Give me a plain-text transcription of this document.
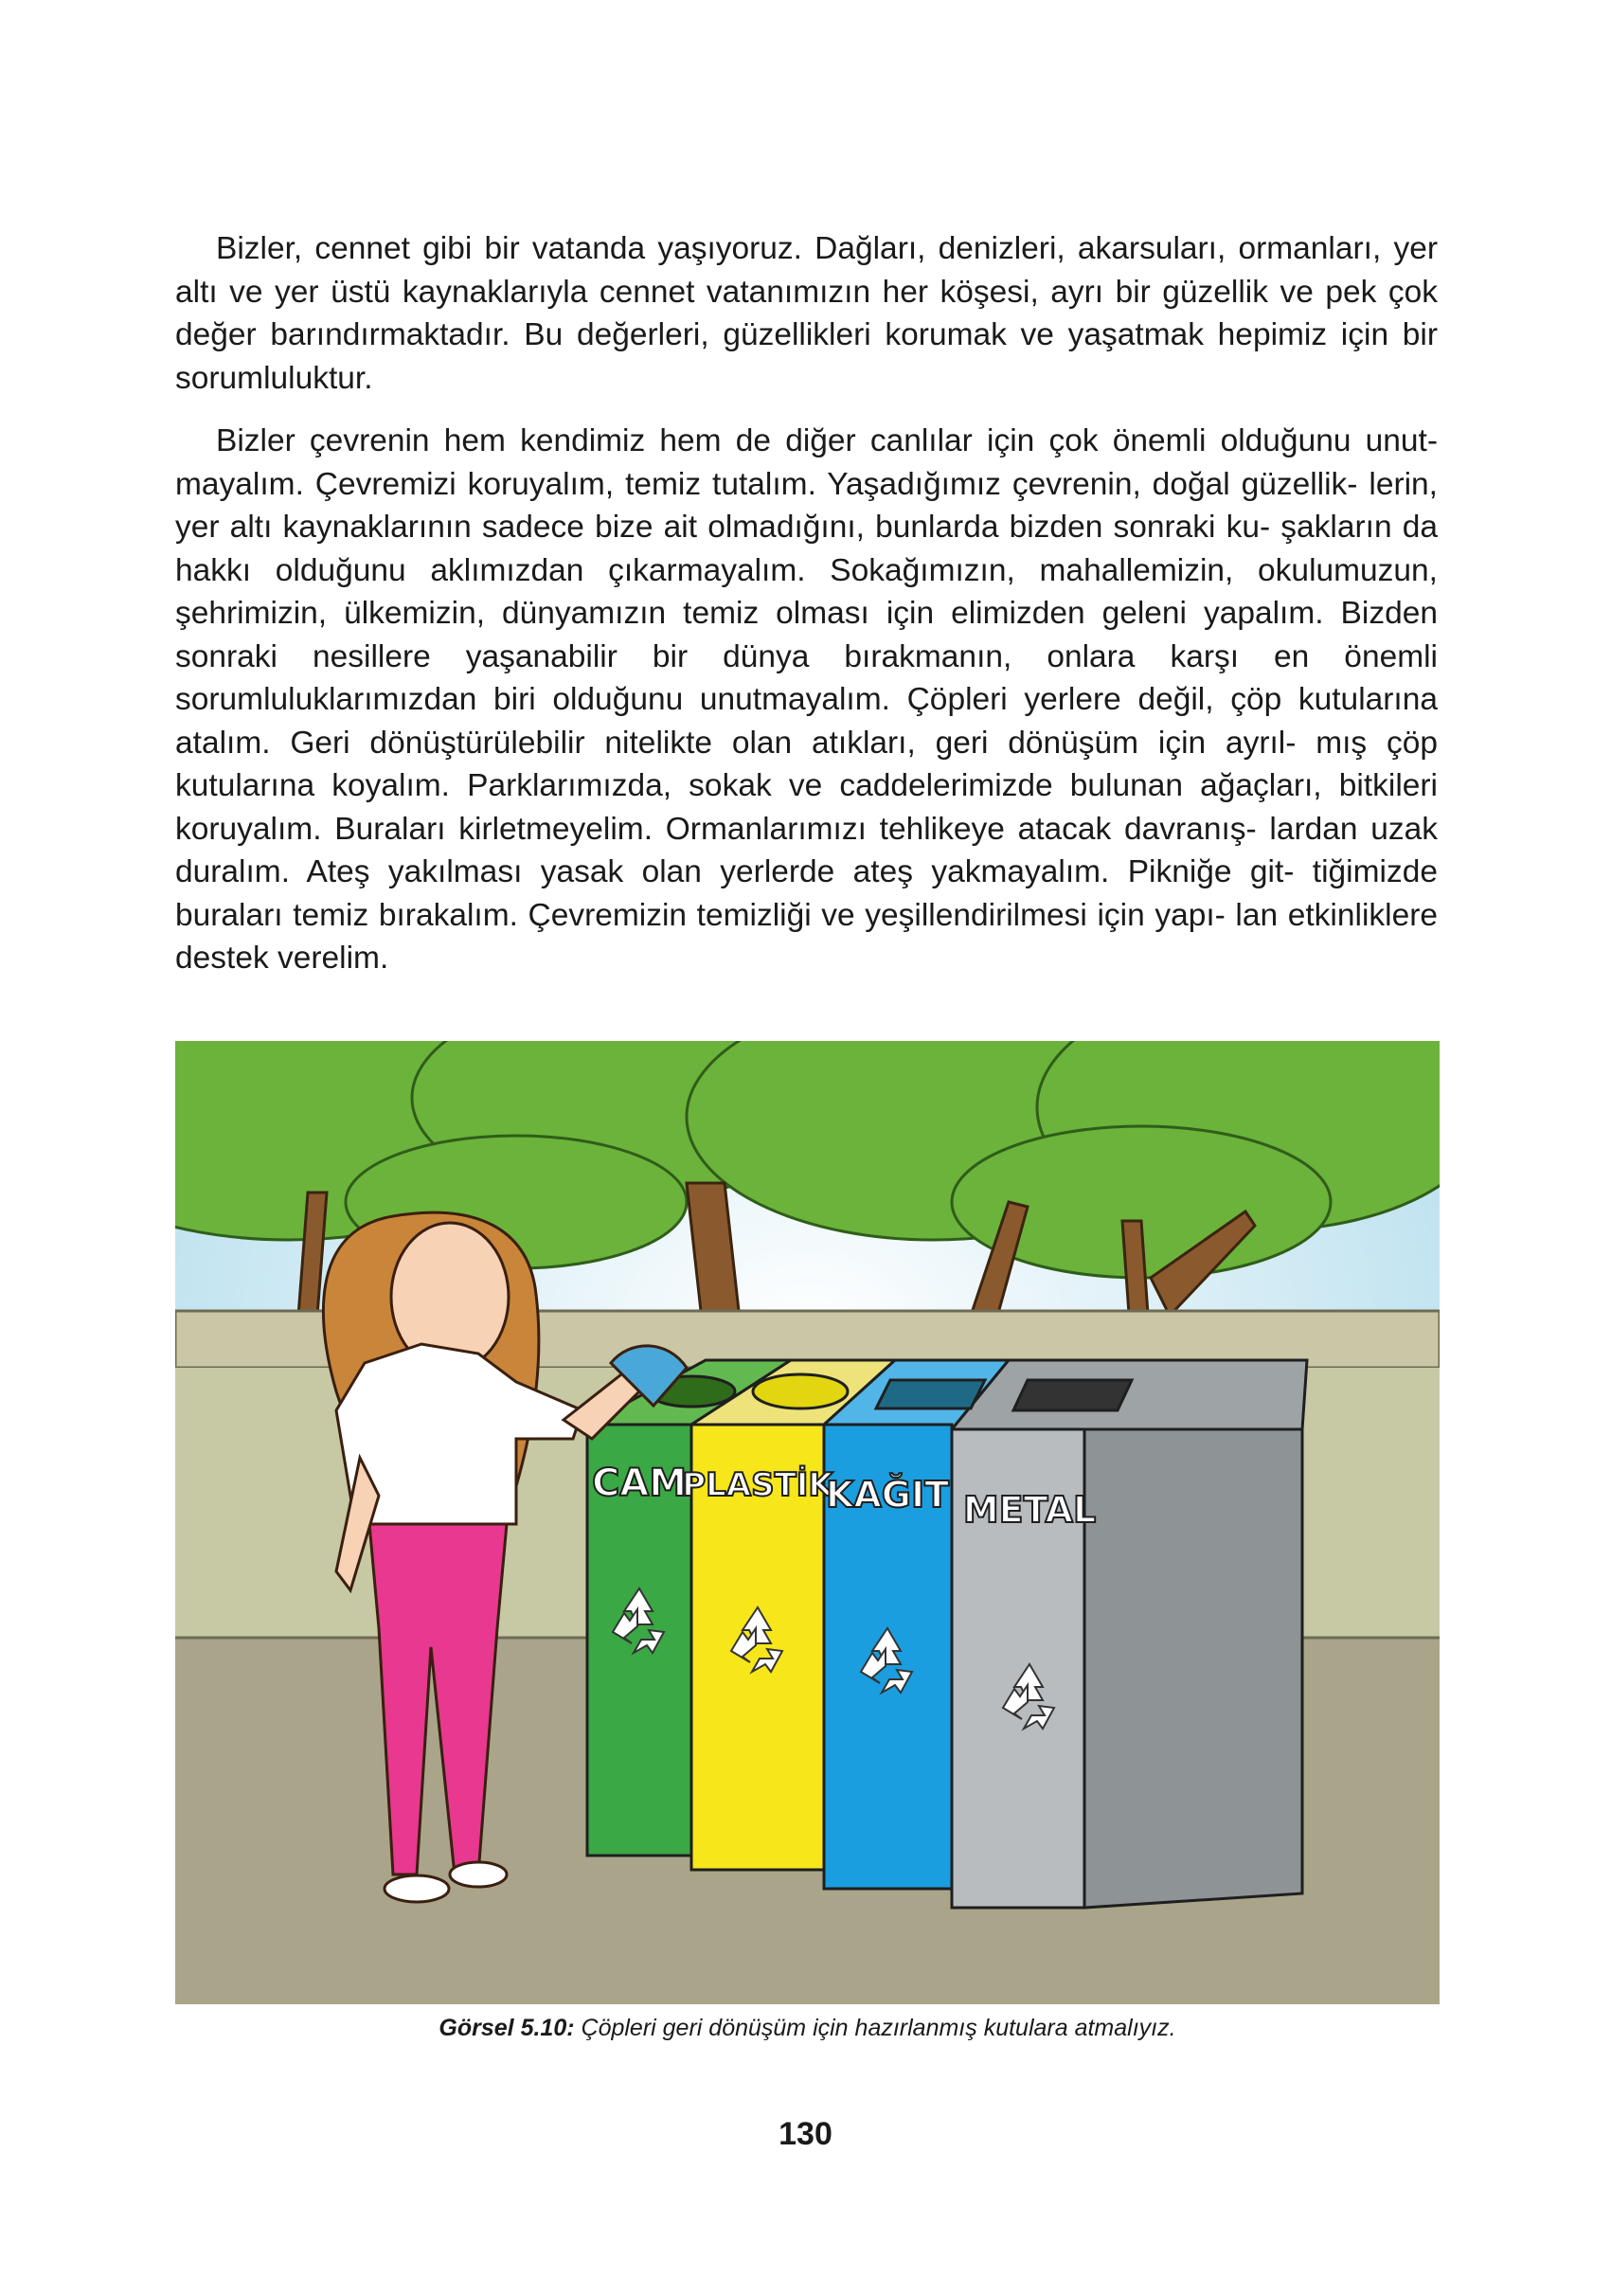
Bizler, cennet gibi bir vatanda yaşıyoruz. Dağları, denizleri, akarsuları, ormanları, yer altı ve yer üstü kaynaklarıyla cennet vatanımızın her köşesi, ayrı bir güzellik ve pek çok değer barındırmaktadır. Bu değerleri, güzellikleri korumak ve yaşatmak hepimiz için bir sorumluluktur.

Bizler çevrenin hem kendimiz hem de diğer canlılar için çok önemli olduğunu unut- mayalım. Çevremizi koruyalım, temiz tutalım. Yaşadığımız çevrenin, doğal güzellik- lerin, yer altı kaynaklarının sadece bize ait olmadığını, bunlarda bizden sonraki ku- şakların da hakkı olduğunu aklımızdan çıkarmayalım. Sokağımızın, mahallemizin, okulumuzun, şehrimizin, ülkemizin, dünyamızın temiz olması için elimizden geleni yapalım. Bizden sonraki nesillere yaşanabilir bir dünya bırakmanın, onlara karşı en önemli sorumluluklarımızdan biri olduğunu unutmayalım. Çöpleri yerlere değil, çöp kutularına atalım. Geri dönüştürülebilir nitelikte olan atıkları, geri dönüşüm için ayrıl- mış çöp kutularına koyalım. Parklarımızda, sokak ve caddelerimizde bulunan ağaçları, bitkileri koruyalım. Buraları kirletmeyelim. Ormanlarımızı tehlikeye atacak davranış- lardan uzak duralım. Ateş yakılması yasak olan yerlerde ateş yakmayalım. Pikniğe git- tiğimizde buraları temiz bırakalım. Çevremizin temizliği ve yeşillendirilmesi için yapı- lan etkinliklere destek verelim.

CAM
PLASTİK
KAĞIT METAL
Görsel 5.10: Çöpleri geri dönüşüm için hazırlanmış kutulara atmalıyız.
130
